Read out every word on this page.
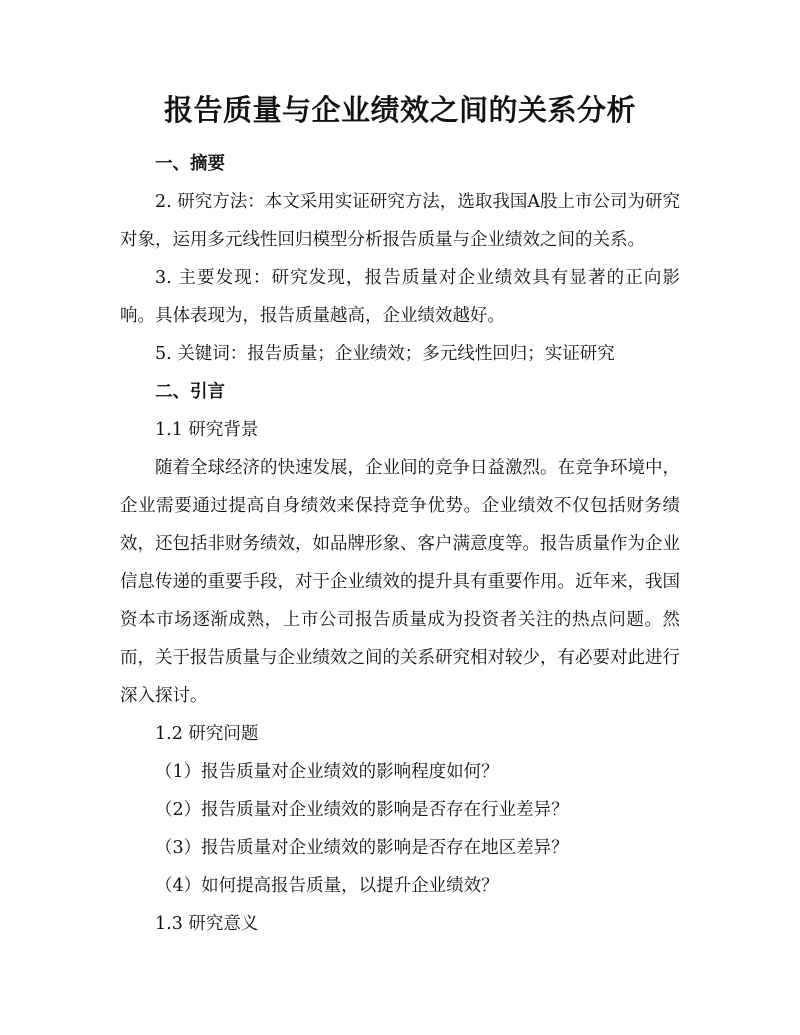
报告质量与企业绩效之间的关系分析

一、摘要

2. 研究方法：本文采用实证研究方法，选取我国A股上市公司为研究对象，运用多元线性回归模型分析报告质量与企业绩效之间的关系。

3. 主要发现：研究发现，报告质量对企业绩效具有显著的正向影响。具体表现为，报告质量越高，企业绩效越好。

5. 关键词：报告质量；企业绩效；多元线性回归；实证研究

二、引言

1.1 研究背景

随着全球经济的快速发展，企业间的竞争日益激烈。在竞争环境中，企业需要通过提高自身绩效来保持竞争优势。企业绩效不仅包括财务绩效，还包括非财务绩效，如品牌形象、客户满意度等。报告质量作为企业信息传递的重要手段，对于企业绩效的提升具有重要作用。近年来，我国资本市场逐渐成熟，上市公司报告质量成为投资者关注的热点问题。然而，关于报告质量与企业绩效之间的关系研究相对较少，有必要对此进行深入探讨。

1.2 研究问题

（1）报告质量对企业绩效的影响程度如何？

（2）报告质量对企业绩效的影响是否存在行业差异？

（3）报告质量对企业绩效的影响是否存在地区差异？

（4）如何提高报告质量，以提升企业绩效？

1.3 研究意义
